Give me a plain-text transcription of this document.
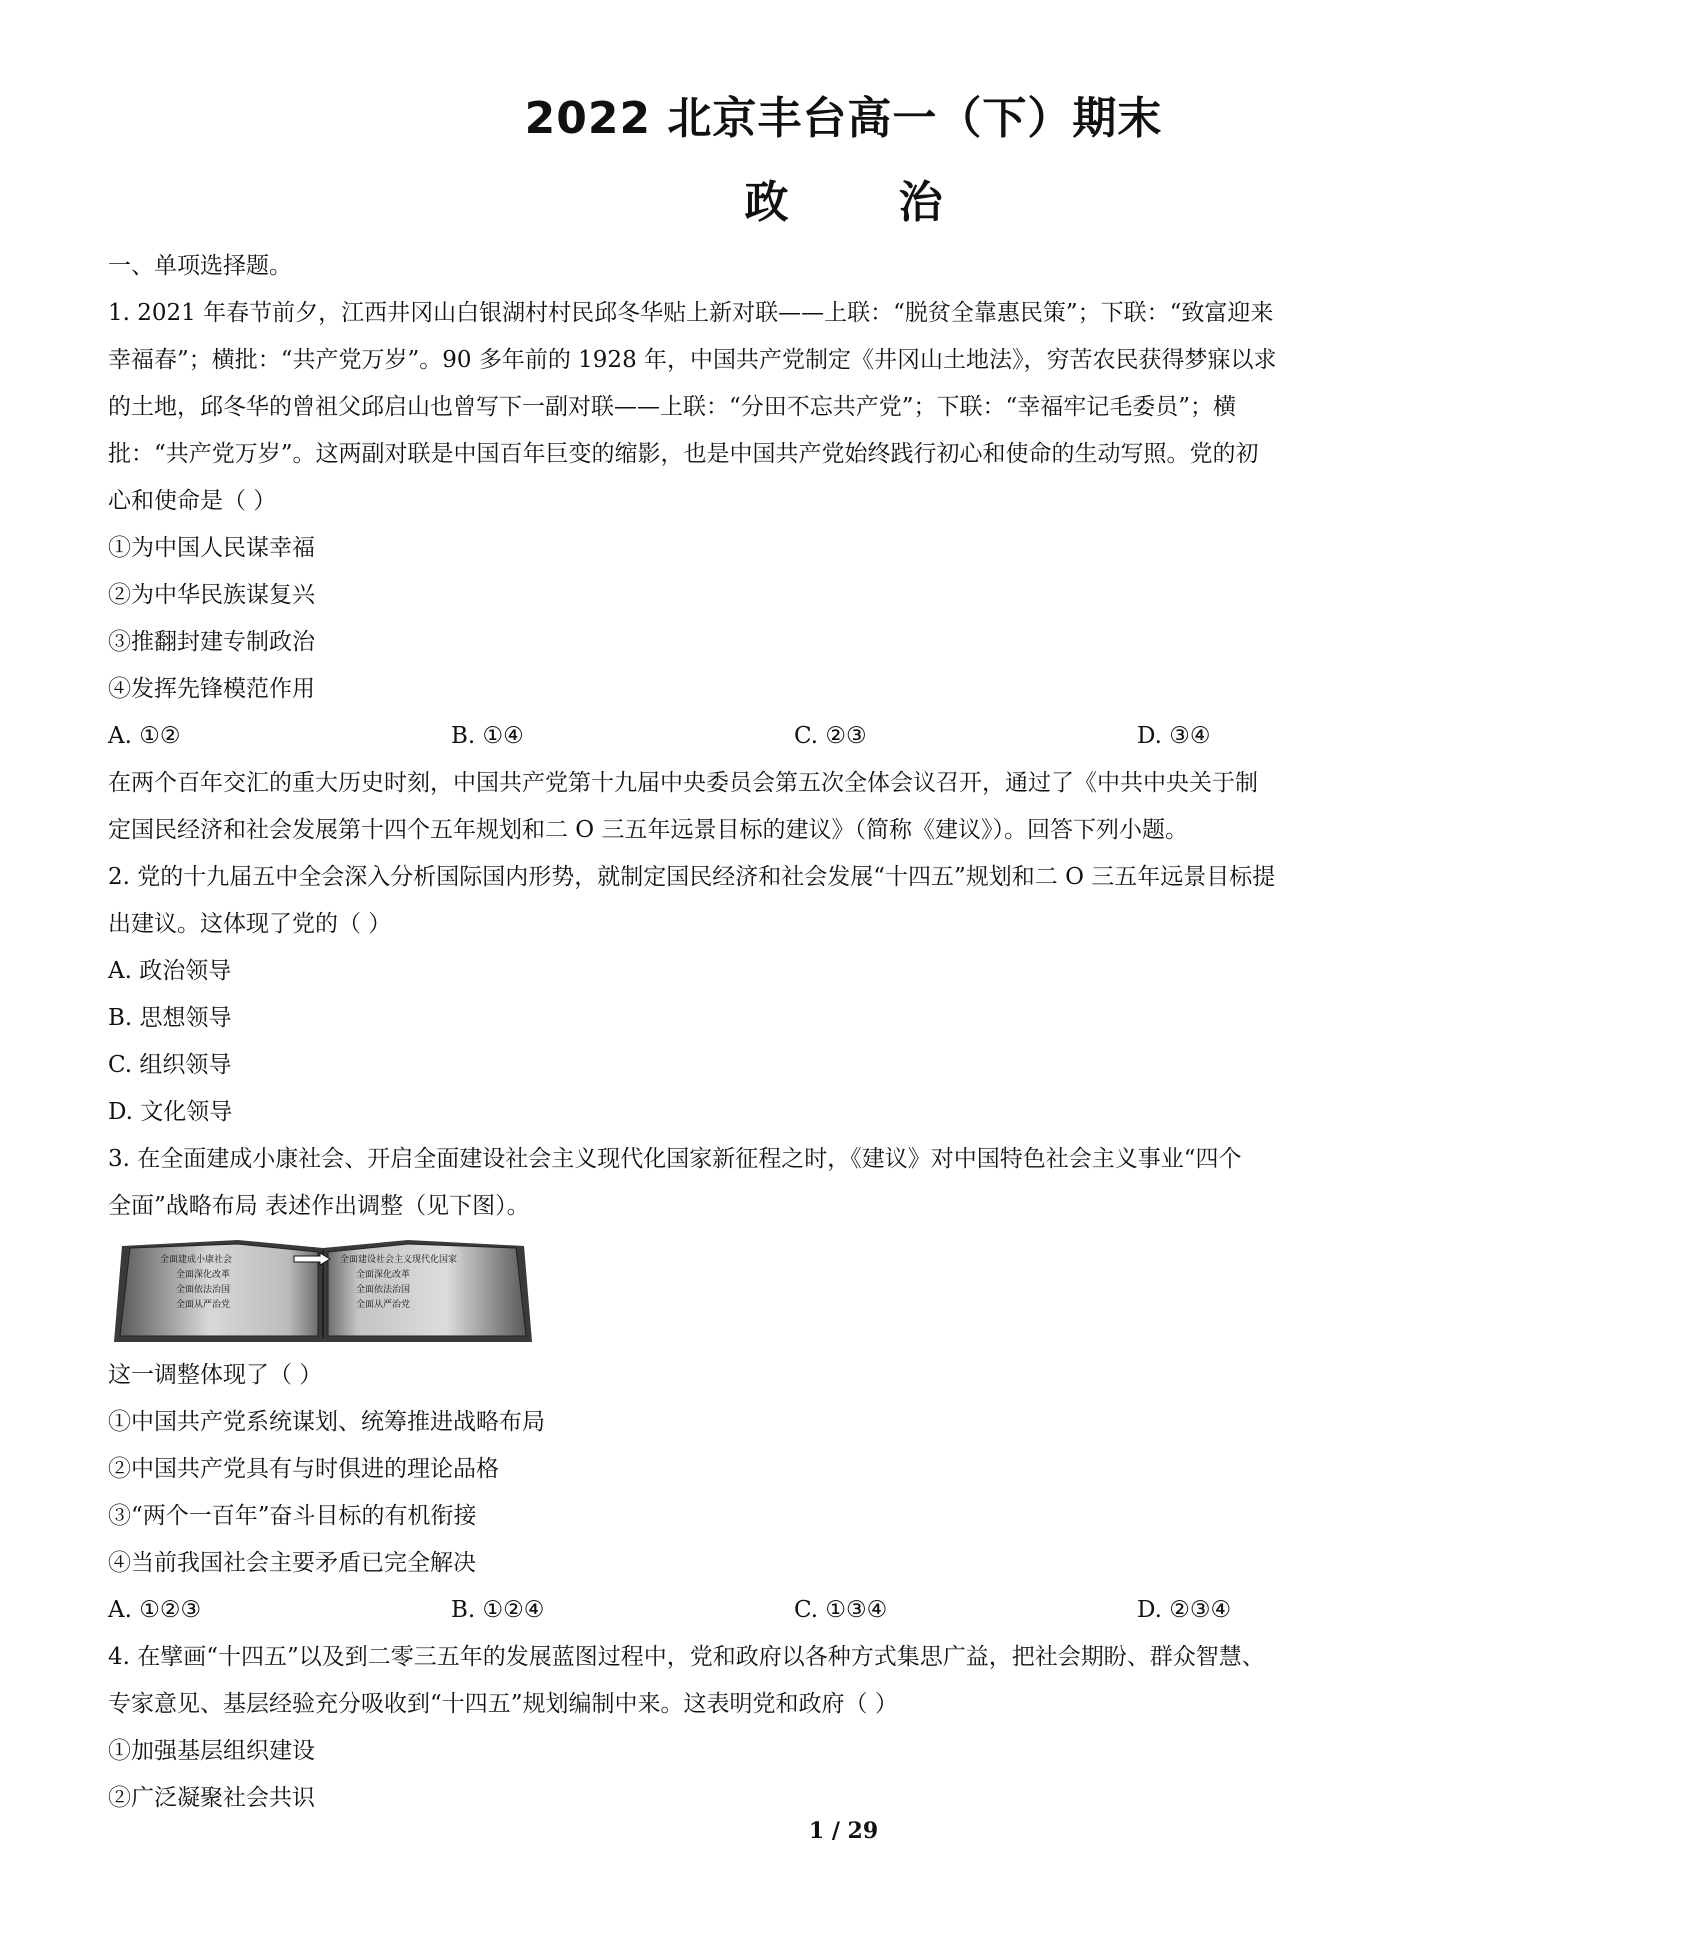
2022 北京丰台高一（下）期末
政	治
一、单项选择题。
1. 2021 年春节前夕，江西井冈山白银湖村村民邱冬华贴上新对联——上联：“脱贫全靠惠民策”；下联：“致富迎来
幸福春”；横批：“共产党万岁”。90 多年前的 1928 年，中国共产党制定《井冈山土地法》，穷苦农民获得梦寐以求
的土地，邱冬华的曾祖父邱启山也曾写下一副对联——上联：“分田不忘共产党”；下联：“幸福牢记毛委员”；横
批：“共产党万岁”。这两副对联是中国百年巨变的缩影，也是中国共产党始终践行初心和使命的生动写照。党的初
心和使命是（ ）
①为中国人民谋幸福
②为中华民族谋复兴
③推翻封建专制政治
④发挥先锋模范作用
A. ①②	B. ①④	C. ②③	D. ③④
在两个百年交汇的重大历史时刻，中国共产党第十九届中央委员会第五次全体会议召开，通过了《中共中央关于制
定国民经济和社会发展第十四个五年规划和二 O 三五年远景目标的建议》（简称《建议》）。回答下列小题。
2. 党的十九届五中全会深入分析国际国内形势，就制定国民经济和社会发展“十四五”规划和二 O 三五年远景目标提
出建议。这体现了党的（ ）
A. 政治领导
B. 思想领导
C. 组织领导
D. 文化领导
3. 在全面建成小康社会、开启全面建设社会主义现代化国家新征程之时，《建议》对中国特色社会主义事业“四个
全面”战略布局 表述作出调整（见下图）。
全面建成小康社会
全面深化改革
全面依法治国
全面从严治党
全面建设社会主义现代化国家
全面深化改革
全面依法治国
全面从严治党
这一调整体现了（ ）
①中国共产党系统谋划、统筹推进战略布局
②中国共产党具有与时俱进的理论品格
③“两个一百年”奋斗目标的有机衔接
④当前我国社会主要矛盾已完全解决
A. ①②③	B. ①②④	C. ①③④	D. ②③④
4. 在擘画“十四五”以及到二零三五年的发展蓝图过程中，党和政府以各种方式集思广益，把社会期盼、群众智慧、
专家意见、基层经验充分吸收到“十四五”规划编制中来。这表明党和政府（ ）
①加强基层组织建设
②广泛凝聚社会共识
1 / 29
